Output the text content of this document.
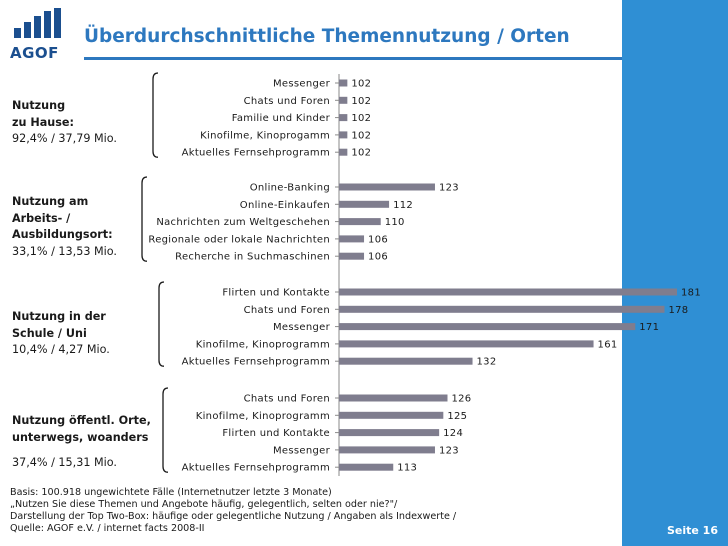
AGOF
Überdurchschnittliche Themennutzung / Orten
Seite 16
Nutzung
zu Hause:
92,4% / 37,79 Mio.
Nutzung am
Arbeits- /
Ausbildungsort:
33,1% / 13,53 Mio.
Nutzung in der
Schule / Uni
10,4% / 4,27 Mio.
Nutzung öffentl. Orte,
unterwegs, woanders
37,4% / 15,31 Mio.
Messenger 102
Chats und Foren 102
Familie und Kinder 102
Kinofilme, Kinoprogamm 102
Aktuelles Fernsehprogramm 102
Online-Banking	123
Online-Einkaufen	112
Nachrichten zum Weltgeschehen	110
Regionale oder lokale Nachrichten	106
Recherche in Suchmaschinen	106
Flirten und Kontakte	181
Chats und Foren	178
Messenger	171
Kinofilme, Kinoprogramm	161
Aktuelles Fernsehprogramm	132
Chats und Foren	126
Kinofilme, Kinoprogramm	125
Flirten und Kontakte	124
Messenger	123
Aktuelles Fernsehprogramm	113
Basis: 100.918 ungewichtete Fälle (Internetnutzer letzte 3 Monate)
„Nutzen Sie diese Themen und Angebote häufig, gelegentlich, selten oder nie?"/
Darstellung der Top Two-Box: häufige oder gelegentliche Nutzung / Angaben als Indexwerte /
Quelle: AGOF e.V. / internet facts 2008-II
